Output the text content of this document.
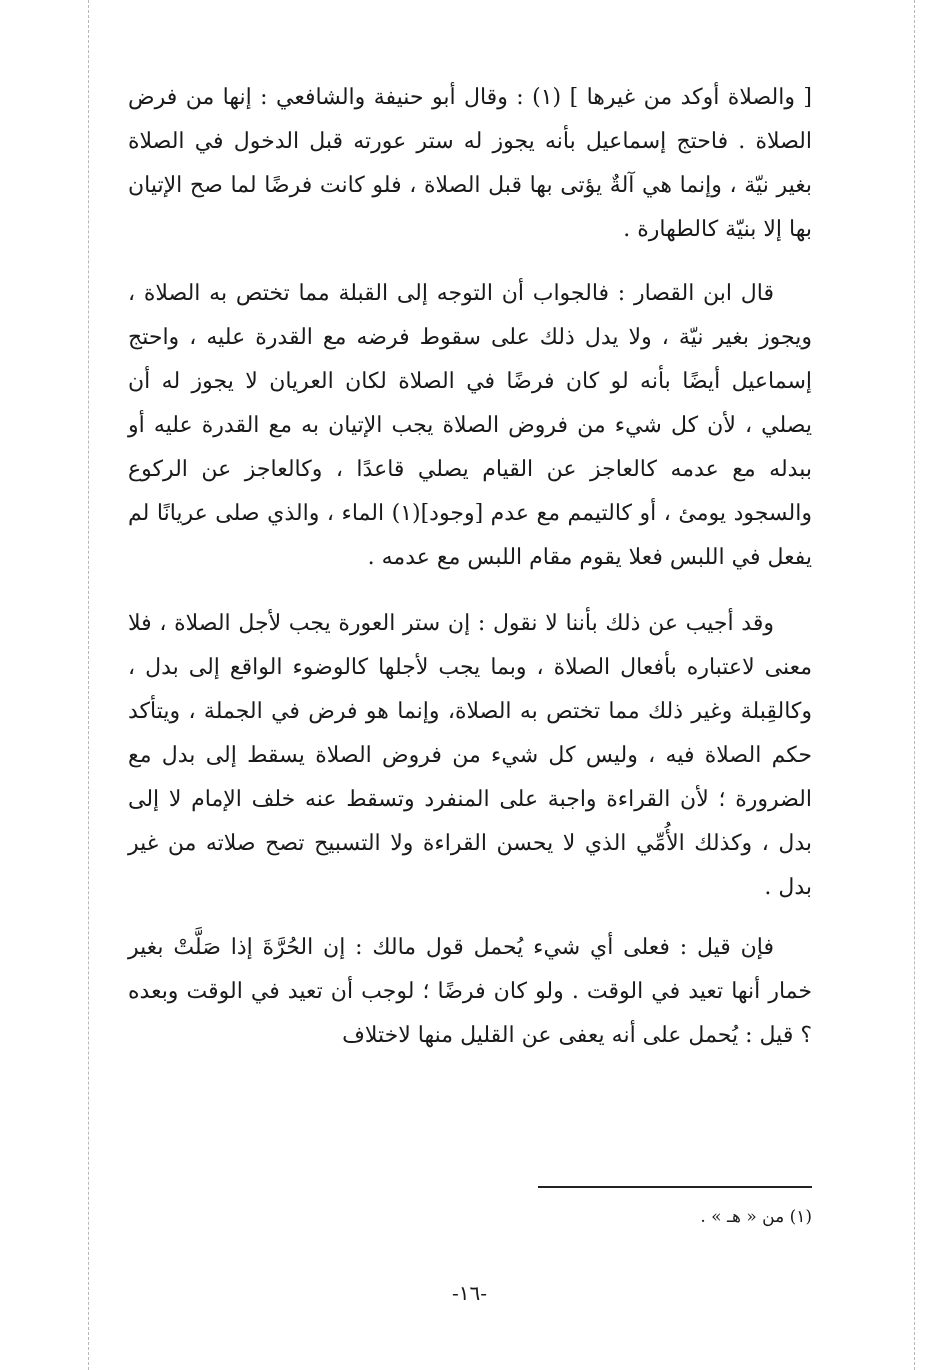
[ والصلاة أوكد من غيرها ] (١) : وقال أبو حنيفة والشافعي : إنها من فرض الصلاة . فاحتج إسماعيل بأنه يجوز له ستر عورته قبل الدخول في الصلاة بغير نيّة ، وإنما هي آلةٌ يؤتى بها قبل الصلاة ، فلو كانت فرضًا لما صح الإتيان بها إلا بنيّة كالطهارة .

قال ابن القصار : فالجواب أن التوجه إلى القبلة مما تختص به الصلاة ، ويجوز بغير نيّة ، ولا يدل ذلك على سقوط فرضه مع القدرة عليه ، واحتج إسماعيل أيضًا بأنه لو كان فرضًا في الصلاة لكان العريان لا يجوز له أن يصلي ، لأن كل شيء من فروض الصلاة يجب الإتيان به مع القدرة عليه أو ببدله مع عدمه كالعاجز عن القيام يصلي قاعدًا ، وكالعاجز عن الركوع والسجود يومئ ، أو كالتيمم مع عدم [وجود](١) الماء ، والذي صلى عريانًا لم يفعل في اللبس فعلا يقوم مقام اللبس مع عدمه .

وقد أجيب عن ذلك بأننا لا نقول : إن ستر العورة يجب لأجل الصلاة ، فلا معنى لاعتباره بأفعال الصلاة ، وبما يجب لأجلها كالوضوء الواقع إلى بدل ، وكالقِبلة وغير ذلك مما تختص به الصلاة، وإنما هو فرض في الجملة ، ويتأكد حكم الصلاة فيه ، وليس كل شيء من فروض الصلاة يسقط إلى بدل مع الضرورة ؛ لأن القراءة واجبة على المنفرد وتسقط عنه خلف الإمام لا إلى بدل ، وكذلك الأُمِّي الذي لا يحسن القراءة ولا التسبيح تصح صلاته من غير بدل .

فإن قيل : فعلى أي شيء يُحمل قول مالك : إن الحُرَّةَ إذا صَلَّتْ بغير خمار أنها تعيد في الوقت . ولو كان فرضًا ؛ لوجب أن تعيد في الوقت وبعده ؟ قيل : يُحمل على أنه يعفى عن القليل منها لاختلاف

(١) من « هـ » .
-١٦-
